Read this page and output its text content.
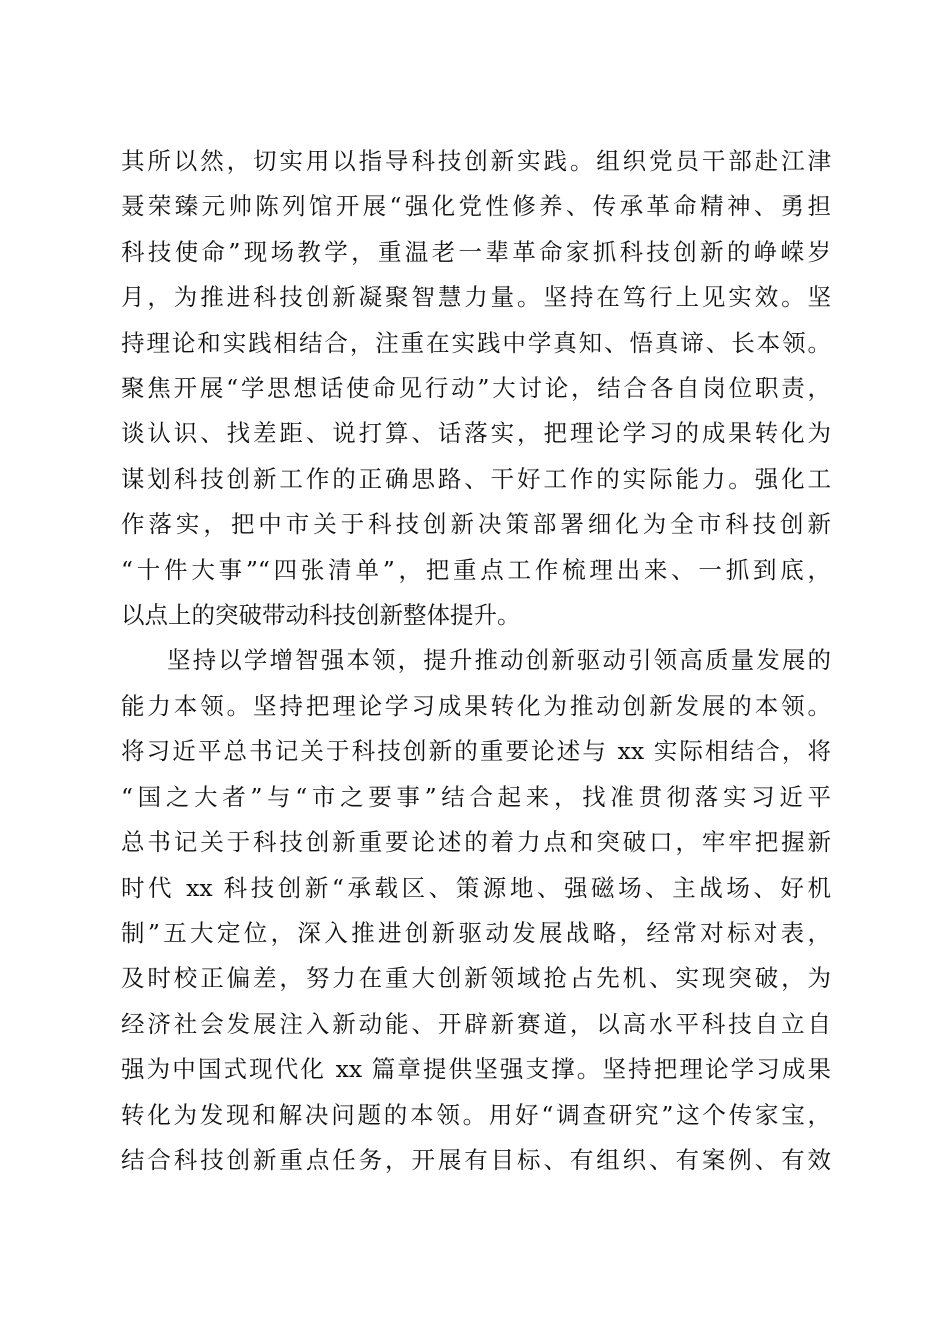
其所以然，切实用以指导科技创新实践。组织党员干部赴江津
聂荣臻元帅陈列馆开展“强化党性修养、传承革命精神、勇担
科技使命”现场教学，重温老一辈革命家抓科技创新的峥嵘岁
月，为推进科技创新凝聚智慧力量。坚持在笃行上见实效。坚
持理论和实践相结合，注重在实践中学真知、悟真谛、长本领。
聚焦开展“学思想话使命见行动”大讨论，结合各自岗位职责，
谈认识、找差距、说打算、话落实，把理论学习的成果转化为
谋划科技创新工作的正确思路、干好工作的实际能力。强化工
作落实，把中市关于科技创新决策部署细化为全市科技创新
“十件大事”“四张清单”，把重点工作梳理出来、一抓到底，
以点上的突破带动科技创新整体提升。
坚持以学增智强本领，提升推动创新驱动引领高质量发展的
能力本领。坚持把理论学习成果转化为推动创新发展的本领。
将习近平总书记关于科技创新的重要论述与 xx 实际相结合，将
“国之大者”与“市之要事”结合起来，找准贯彻落实习近平
总书记关于科技创新重要论述的着力点和突破口，牢牢把握新
时代 xx 科技创新“承载区、策源地、强磁场、主战场、好机
制”五大定位，深入推进创新驱动发展战略，经常对标对表，
及时校正偏差，努力在重大创新领域抢占先机、实现突破，为
经济社会发展注入新动能、开辟新赛道，以高水平科技自立自
强为中国式现代化 xx 篇章提供坚强支撑。坚持把理论学习成果
转化为发现和解决问题的本领。用好“调查研究”这个传家宝，
结合科技创新重点任务，开展有目标、有组织、有案例、有效
